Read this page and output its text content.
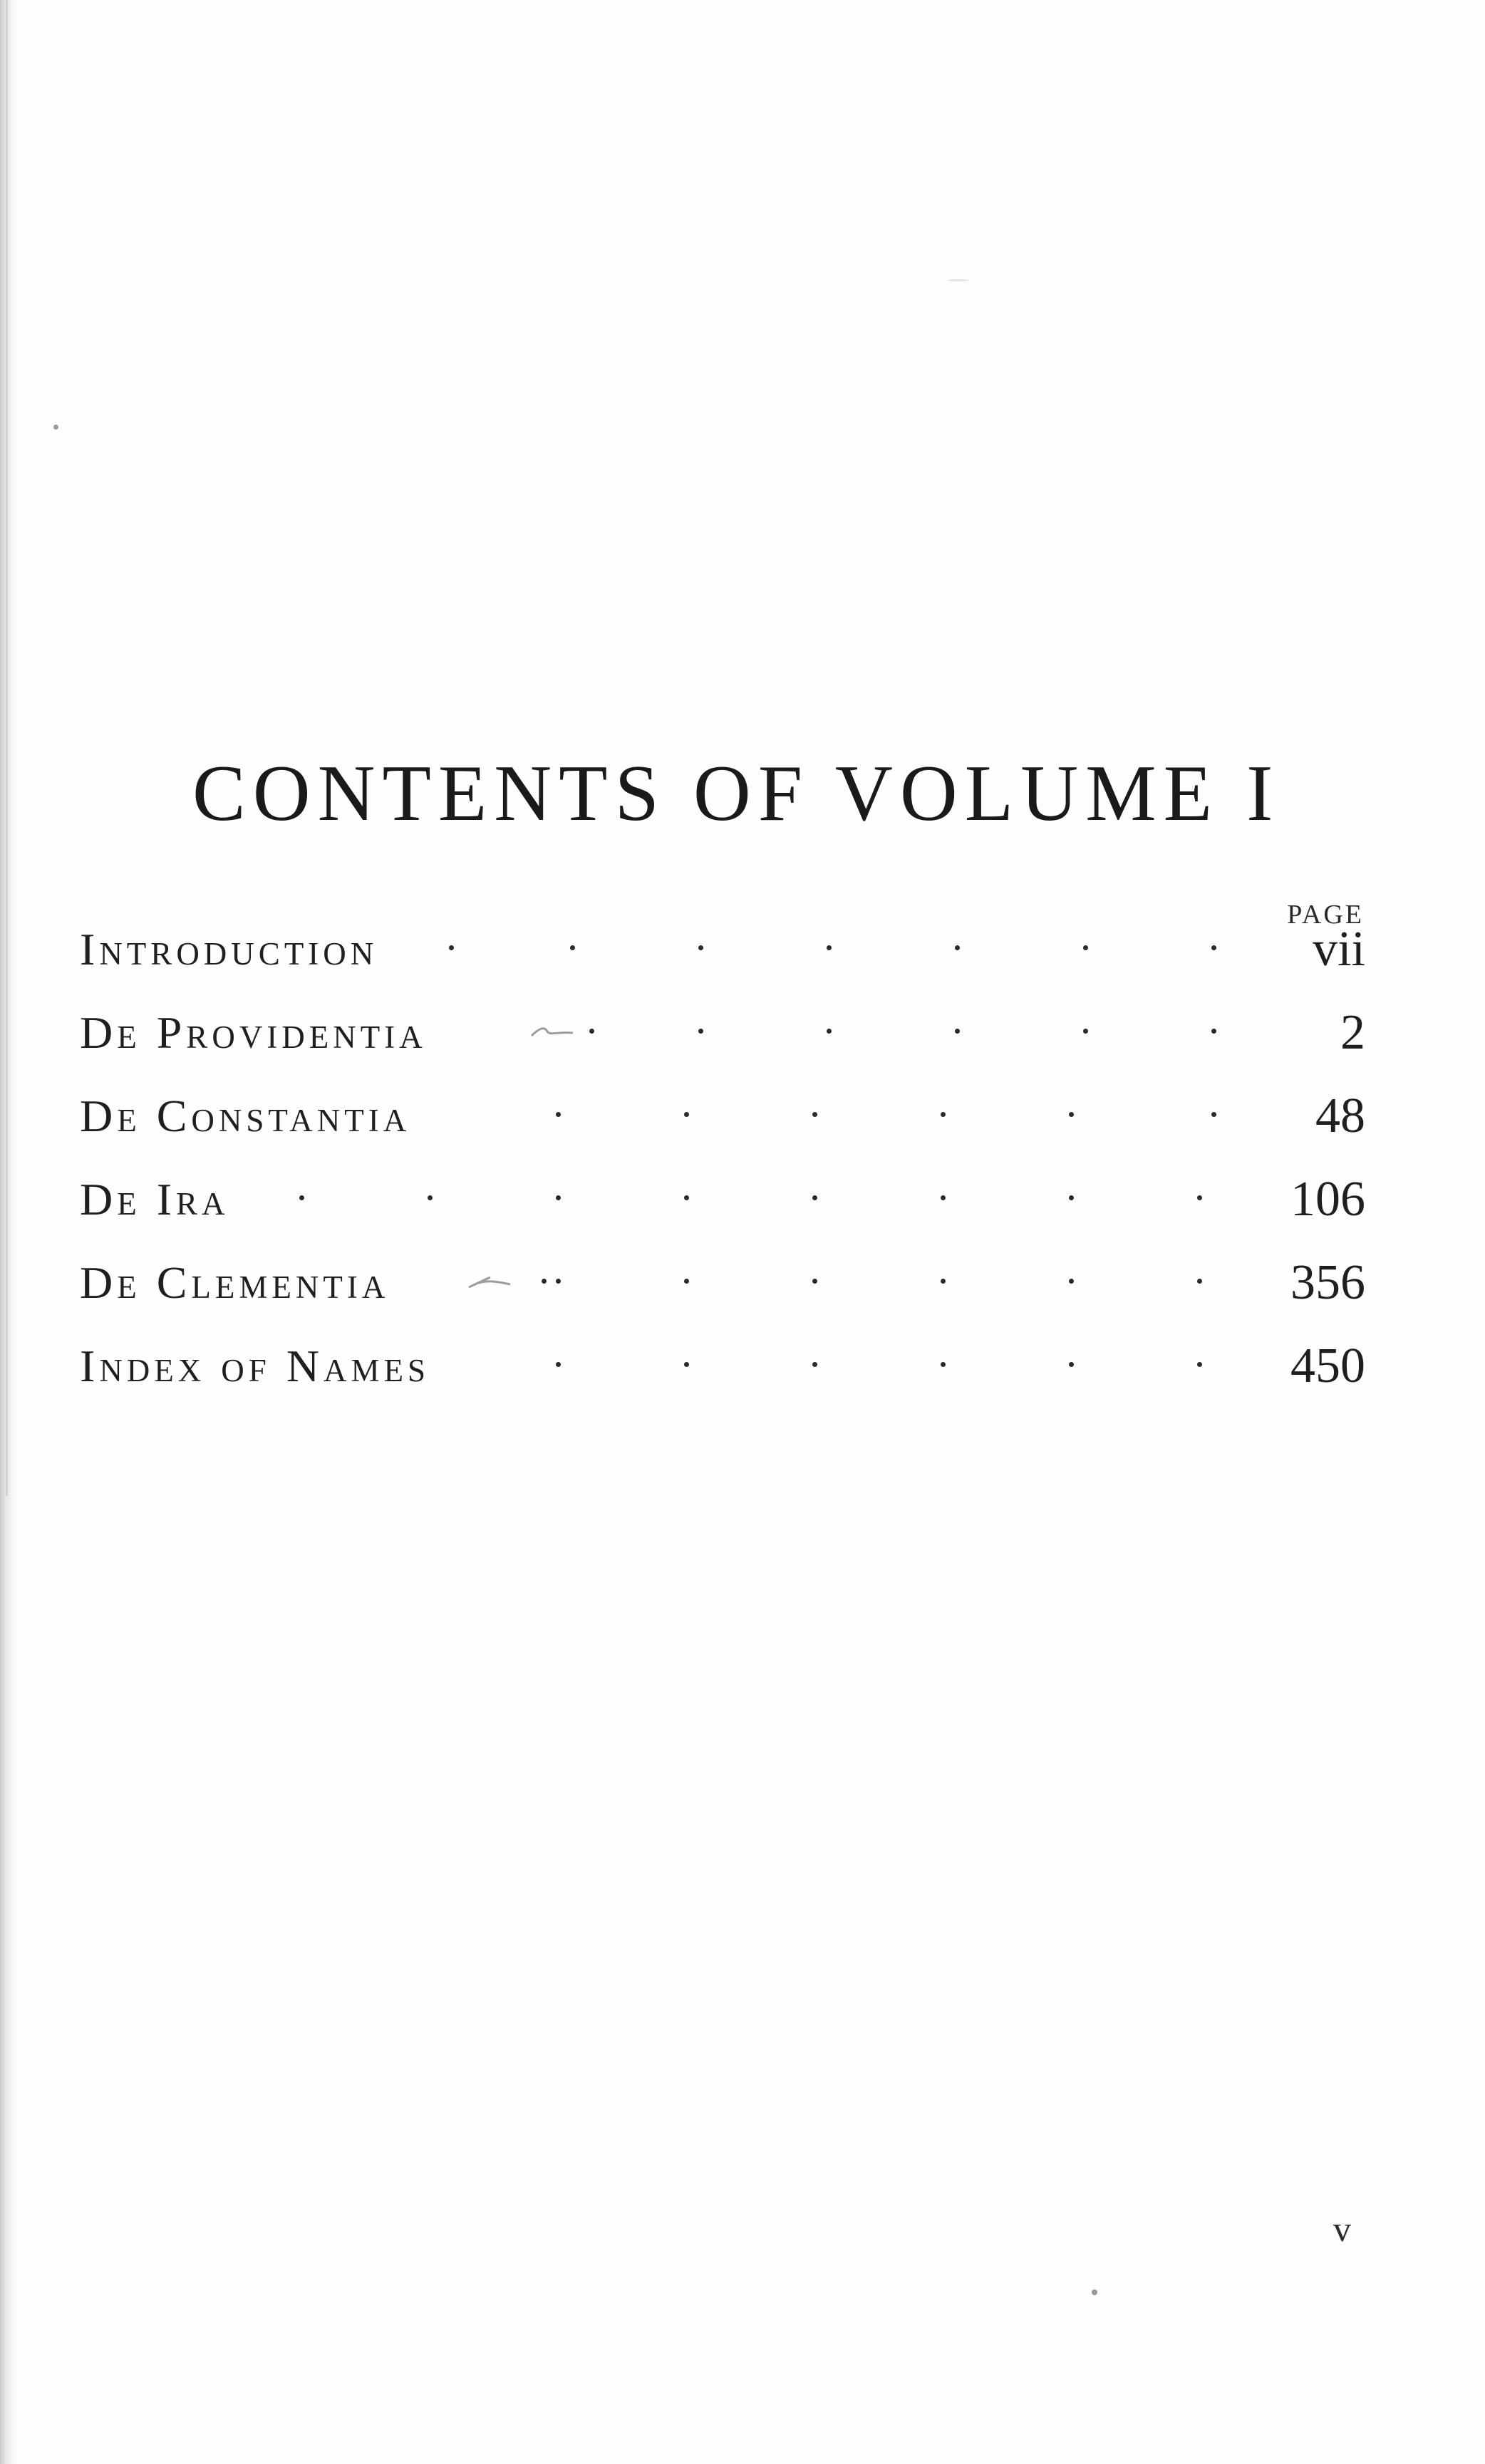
CONTENTS OF VOLUME I
PAGE
Introduction	vii
De Providentia	2
De Constantia	48
De Ira	106
De Clementia	356
Index of Names	450
v
